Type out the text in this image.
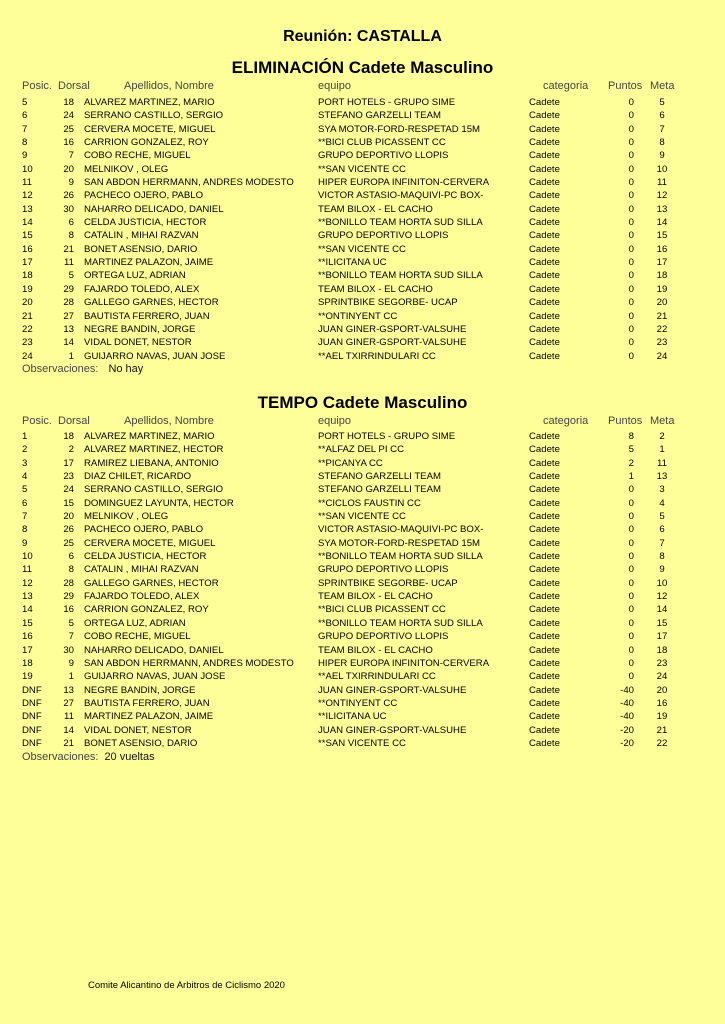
Reunión: CASTALLA
ELIMINACIÓN Cadete Masculino
Posic. Dorsal	Apellidos, Nombre	equipo	categoria Puntos Meta
5	18 ALVAREZ MARTINEZ, MARIO	PORT HOTELS - GRUPO SIME	Cadete	0	5
6	24 SERRANO CASTILLO, SERGIO	STEFANO GARZELLI TEAM	Cadete	0	6
7	25 CERVERA MOCETE, MIGUEL	SYA MOTOR-FORD-RESPETAD 15M	Cadete	0	7
8	16 CARRION GONZALEZ, ROY	**BICI CLUB PICASSENT CC	Cadete	0	8
9	7 COBO RECHE, MIGUEL	GRUPO DEPORTIVO LLOPIS	Cadete	0	9
10	20 MELNIKOV , OLEG	**SAN VICENTE CC	Cadete	0	10
11	9 SAN ABDON HERRMANN, ANDRES MODESTO	HIPER EUROPA INFINITON-CERVERA	Cadete	0	11
12	26 PACHECO OJERO, PABLO	VICTOR ASTASIO-MAQUIVI-PC BOX-	Cadete	0	12
13	30 NAHARRO DELICADO, DANIEL	TEAM BILOX - EL CACHO	Cadete	0	13
14	6 CELDA JUSTICIA, HECTOR	**BONILLO TEAM HORTA SUD SILLA	Cadete	0	14
15	8 CATALIN , MIHAI RAZVAN	GRUPO DEPORTIVO LLOPIS	Cadete	0	15
16	21 BONET ASENSIO, DARIO	**SAN VICENTE CC	Cadete	0	16
17	11 MARTINEZ PALAZON, JAIME	**ILICITANA UC	Cadete	0	17
18	5 ORTEGA LUZ, ADRIAN	**BONILLO TEAM HORTA SUD SILLA	Cadete	0	18
19	29 FAJARDO TOLEDO, ALEX	TEAM BILOX - EL CACHO	Cadete	0	19
20	28 GALLEGO GARNES, HECTOR	SPRINTBIKE SEGORBE- UCAP	Cadete	0	20
21	27 BAUTISTA FERRERO, JUAN	**ONTINYENT CC	Cadete	0	21
22	13 NEGRE BANDIN, JORGE	JUAN GINER-GSPORT-VALSUHE	Cadete	0	22
23	14 VIDAL DONET, NESTOR	JUAN GINER-GSPORT-VALSUHE	Cadete	0	23
24	1 GUIJARRO NAVAS, JUAN JOSE	**AEL TXIRRINDULARI CC	Cadete	0	24
Observaciones: No hay
TEMPO Cadete Masculino
Posic. Dorsal	Apellidos, Nombre	equipo	categoria Puntos Meta
1	18 ALVAREZ MARTINEZ, MARIO	PORT HOTELS - GRUPO SIME	Cadete	8	2
2	2 ALVAREZ MARTINEZ, HECTOR	**ALFAZ DEL PI CC	Cadete	5	1
3	17 RAMIREZ LIEBANA, ANTONIO	**PICANYA CC	Cadete	2	11
4	23 DIAZ CHILET, RICARDO	STEFANO GARZELLI TEAM	Cadete	1	13
5	24 SERRANO CASTILLO, SERGIO	STEFANO GARZELLI TEAM	Cadete	0	3
6	15 DOMINGUEZ LAYUNTA, HECTOR	**CICLOS FAUSTIN CC	Cadete	0	4
7	20 MELNIKOV , OLEG	**SAN VICENTE CC	Cadete	0	5
8	26 PACHECO OJERO, PABLO	VICTOR ASTASIO-MAQUIVI-PC BOX-	Cadete	0	6
9	25 CERVERA MOCETE, MIGUEL	SYA MOTOR-FORD-RESPETAD 15M	Cadete	0	7
10	6 CELDA JUSTICIA, HECTOR	**BONILLO TEAM HORTA SUD SILLA	Cadete	0	8
11	8 CATALIN , MIHAI RAZVAN	GRUPO DEPORTIVO LLOPIS	Cadete	0	9
12	28 GALLEGO GARNES, HECTOR	SPRINTBIKE SEGORBE- UCAP	Cadete	0	10
13	29 FAJARDO TOLEDO, ALEX	TEAM BILOX - EL CACHO	Cadete	0	12
14	16 CARRION GONZALEZ, ROY	**BICI CLUB PICASSENT CC	Cadete	0	14
15	5 ORTEGA LUZ, ADRIAN	**BONILLO TEAM HORTA SUD SILLA	Cadete	0	15
16	7 COBO RECHE, MIGUEL	GRUPO DEPORTIVO LLOPIS	Cadete	0	17
17	30 NAHARRO DELICADO, DANIEL	TEAM BILOX - EL CACHO	Cadete	0	18
18	9 SAN ABDON HERRMANN, ANDRES MODESTO	HIPER EUROPA INFINITON-CERVERA	Cadete	0	23
19	1 GUIJARRO NAVAS, JUAN JOSE	**AEL TXIRRINDULARI CC	Cadete	0	24
DNF	13 NEGRE BANDIN, JORGE	JUAN GINER-GSPORT-VALSUHE	Cadete	-40	20
DNF	27 BAUTISTA FERRERO, JUAN	**ONTINYENT CC	Cadete	-40	16
DNF	11 MARTINEZ PALAZON, JAIME	**ILICITANA UC	Cadete	-40	19
DNF	14 VIDAL DONET, NESTOR	JUAN GINER-GSPORT-VALSUHE	Cadete	-20	21
DNF	21 BONET ASENSIO, DARIO	**SAN VICENTE CC	Cadete	-20	22
Observaciones: 20 vueltas
Comite Alicantino de Arbitros de Ciclismo 2020
